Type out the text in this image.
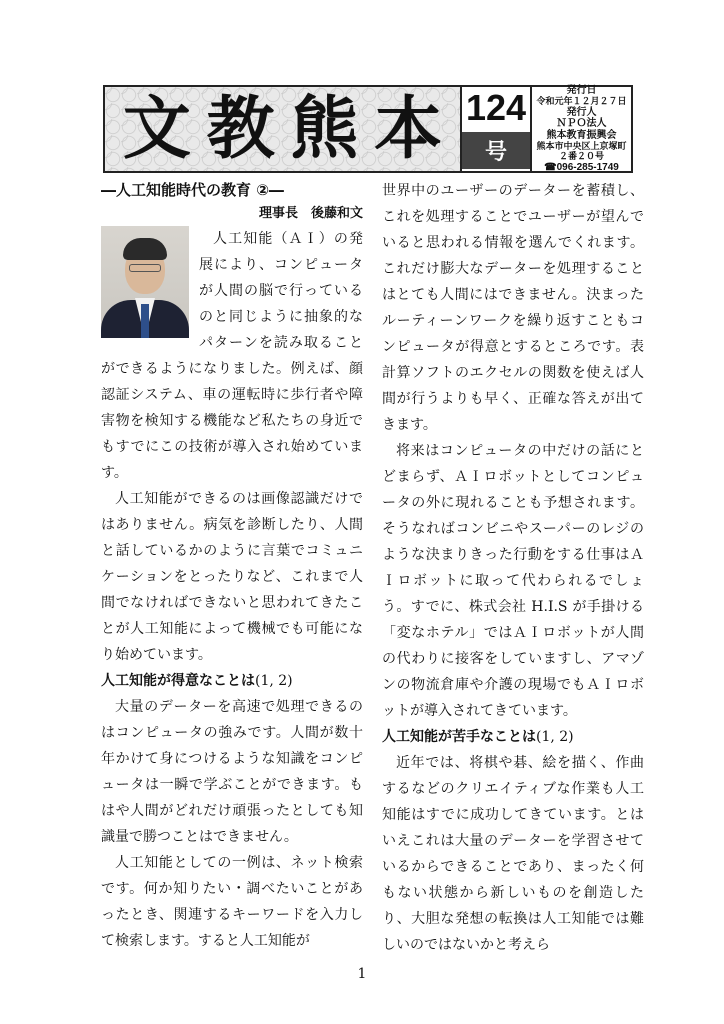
文 教 熊 本 124
号
発行日
令和元年１２月２７日
発行人
ＮＰＯ法人
熊本教育振興会
熊本市中央区上京塚町
２番２０号
☎096-285-1749

―人工知能時代の教育 ②―

理事長　後藤和文

人工知能（ＡＩ）の発展により、コンピュータが人間の脳で行っているのと同じように抽象的なパターンを読み取ることができるようになりました。例えば、顔認証システム、車の運転時に歩行者や障害物を検知する機能など私たちの身近でもすでにこの技術が導入され始めています。

人工知能ができるのは画像認識だけではありません。病気を診断したり、人間と話しているかのように言葉でコミュニケーションをとったりなど、これまで人間でなければできないと思われてきたことが人工知能によって機械でも可能になり始めています。

人工知能が得意なことは(1, 2)

大量のデーターを高速で処理できるのはコンピュータの強みです。人間が数十年かけて身につけるような知識をコンピュータは一瞬で学ぶことができます。もはや人間がどれだけ頑張ったとしても知識量で勝つことはできません。

人工知能としての一例は、ネット検索です。何か知りたい・調べたいことがあったとき、関連するキーワードを入力して検索します。すると人工知能が

世界中のユーザーのデーターを蓄積し、これを処理することでユーザーが望んでいると思われる情報を選んでくれます。これだけ膨大なデーターを処理することはとても人間にはできません。決まったルーティーンワークを繰り返すこともコンピュータが得意とするところです。表計算ソフトのエクセルの関数を使えば人間が行うよりも早く、正確な答えが出てきます。

将来はコンピュータの中だけの話にとどまらず、ＡＩロボットとしてコンピュータの外に現れることも予想されます。そうなればコンビニやスーパーのレジのような決まりきった行動をする仕事はＡＩロボットに取って代わられるでしょう。すでに、株式会社 H.I.S が手掛ける「変なホテル」ではＡＩロボットが人間の代わりに接客をしていますし、アマゾンの物流倉庫や介護の現場でもＡＩロボットが導入されてきています。

人工知能が苦手なことは(1, 2)

近年では、将棋や碁、絵を描く、作曲するなどのクリエイティブな作業も人工知能はすでに成功してきています。とはいえこれは大量のデーターを学習させているからできることであり、まったく何もない状態から新しいものを創造したり、大胆な発想の転換は人工知能では難しいのではないかと考えら

1
